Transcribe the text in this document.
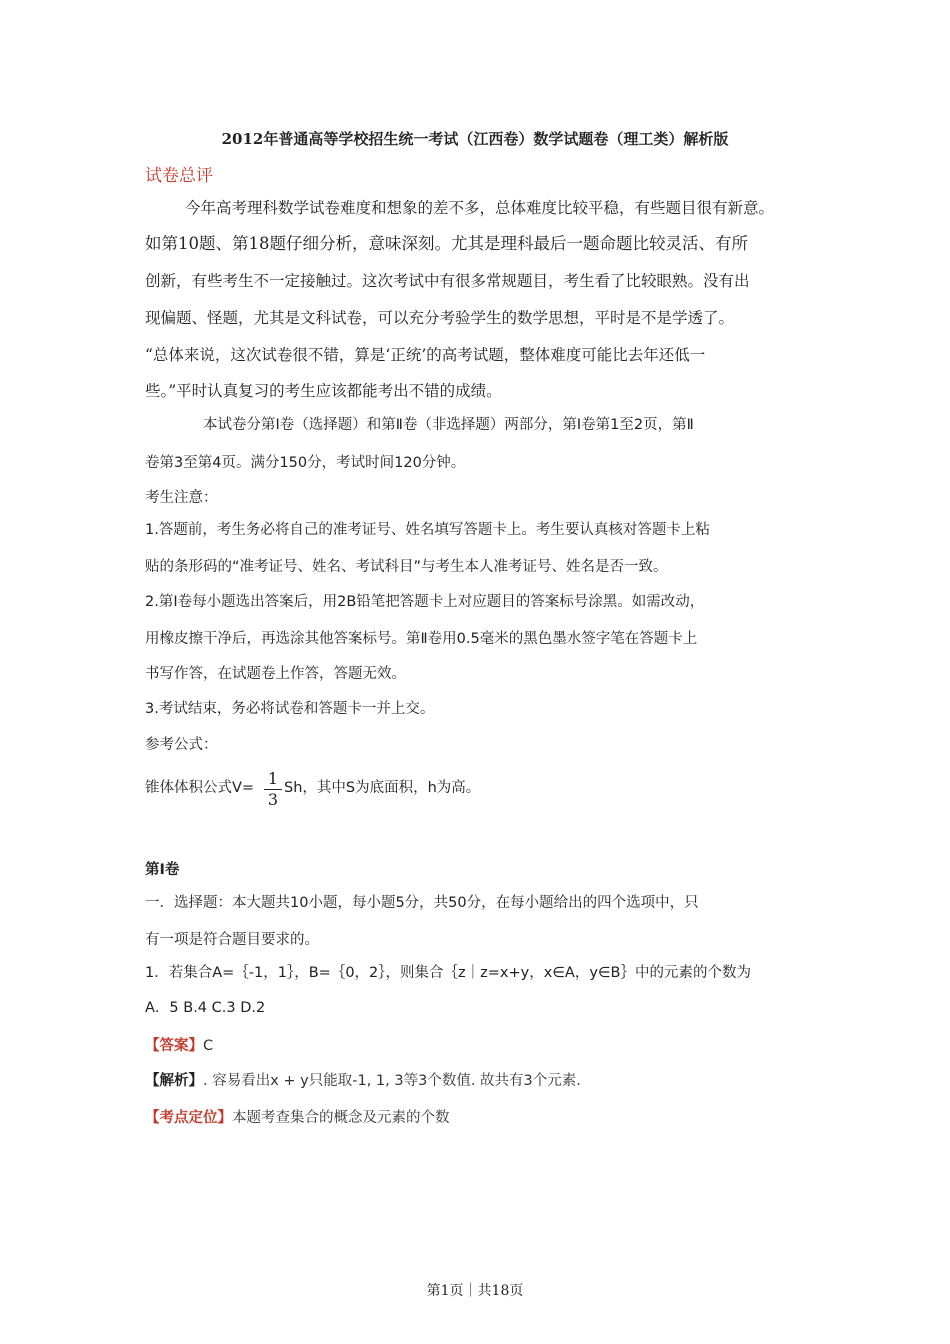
2012年普通高等学校招生统一考试（江西卷）数学试题卷（理工类）解析版
试卷总评
今年高考理科数学试卷难度和想象的差不多，总体难度比较平稳，有些题目很有新意。
如第10题、第18题仔细分析，意味深刻。尤其是理科最后一题命题比较灵活、有所
创新，有些考生不一定接触过。这次考试中有很多常规题目，考生看了比较眼熟。没有出
现偏题、怪题，尤其是文科试卷，可以充分考验学生的数学思想，平时是不是学透了。
“总体来说，这次试卷很不错，算是‘正统’的高考试题，整体难度可能比去年还低一
些。”平时认真复习的考生应该都能考出不错的成绩。
本试卷分第Ⅰ卷（选择题）和第Ⅱ卷（非选择题）两部分，第Ⅰ卷第1至2页，第Ⅱ
卷第3至第4页。满分150分，考试时间120分钟。
考生注意：
1.答题前，考生务必将自己的准考证号、姓名填写答题卡上。考生要认真核对答题卡上粘
贴的条形码的“准考证号、姓名、考试科目”与考生本人准考证号、姓名是否一致。
2.第Ⅰ卷每小题选出答案后，用2B铅笔把答题卡上对应题目的答案标号涂黑。如需改动，
用橡皮擦干净后，再选涂其他答案标号。第Ⅱ卷用0.5毫米的黑色墨水签字笔在答题卡上
书写作答，在试题卷上作答，答题无效。
3.考试结束，务必将试卷和答题卡一并上交。
参考公式：
锥体体积公式V= 1
3
Sh，其中S为底面积，h为高。
第Ⅰ卷
一．选择题：本大题共10小题，每小题5分，共50分，在每小题给出的四个选项中，只
有一项是符合题目要求的。
1．若集合A=｛-1，1｝，B=｛0，2｝，则集合｛z｜z=x+y，x∈A，y∈B｝中的元素的个数为
A．5 B.4 C.3 D.2
【答案】C
【解析】. 容易看出x + y只能取-1, 1, 3等3个数值. 故共有3个元素.
【考点定位】本题考查集合的概念及元素的个数
第1页｜共18页
